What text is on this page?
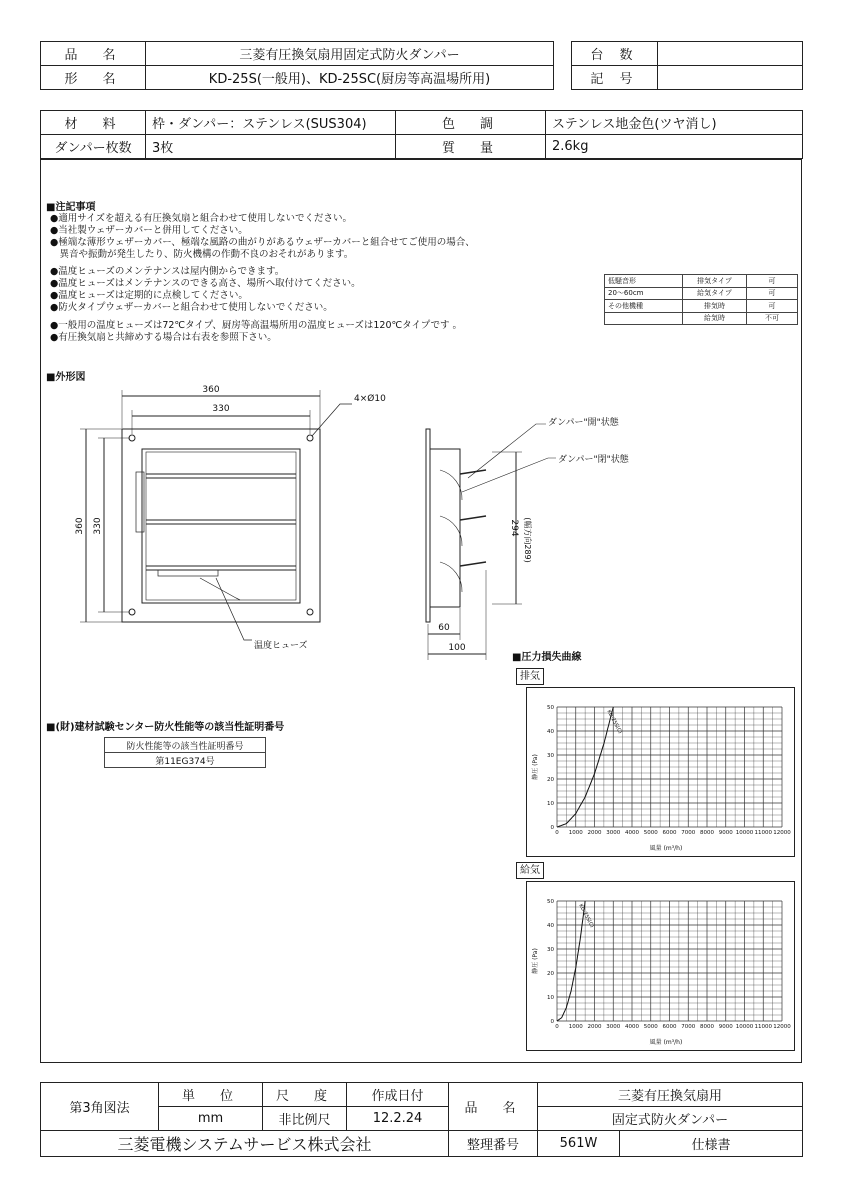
品　名	三菱有圧換気扇用固定式防火ダンパー
形　名	KD-25S(一般用)、KD-25SC(厨房等高温場所用)
台 数	
記 号	
材　料	枠・ダンパー：ステンレス(SUS304)	色　調	ステンレス地金色(ツヤ消し)
ダンパー枚数	3枚	質　量	2.6kg
■注記事項
●適用サイズを超える有圧換気扇と組合わせて使用しないでください。
●当社製ウェザーカバーと併用してください。
●極端な薄形ウェザーカバー、極端な風路の曲がりがあるウェザーカバーと組合せてご使用の場合、
　異音や振動が発生したり、防火機構の作動不良のおそれがあります。
●温度ヒューズのメンテナンスは屋内側からできます。
●温度ヒューズはメンテナンスのできる高さ、場所へ取付けてください。
●温度ヒューズは定期的に点検してください。
●防火タイプウェザーカバーと組合わせて使用しないでください。
●一般用の温度ヒューズは72℃タイプ、厨房等高温場所用の温度ヒューズは120℃タイプです 。
●有圧換気扇と共締めする場合は右表を参照下さい。
低騒音形	排気タイプ	可
20～60cm	給気タイプ	可
その他機種	排気時	可
	給気時	不可
■外形図
360
330
360 330
4×Ø10
温度ヒューズ
ダンパー"開"状態
ダンパー"閉"状態
294 (幅方向289)
60
100
■(財)建材試験センター防火性能等の該当性証明番号
防火性能等の該当性証明番号
第11EG374号
■圧力損失曲線
排気
0 1000 2000 3000 4000 5000 6000 7000 8000 9000 10000 11000 12000
0
10
20
30
40
50
風量 (m³/h)
静圧 (Pa)
KD-25S(C)
給気
0 1000 2000 3000 4000 5000 6000 7000 8000 9000 10000 11000 12000
0
10
20
30
40
50
風量 (m³/h)
静圧 (Pa)
KD-25S(C)
第3角図法	単　位	尺　度	作成日付	品　名	三菱有圧換気扇用	
	mm	非比例尺	12.2.24		固定式防火ダンパー	
三菱電機システムサービス株式会社				整理番号	561W	仕様書
